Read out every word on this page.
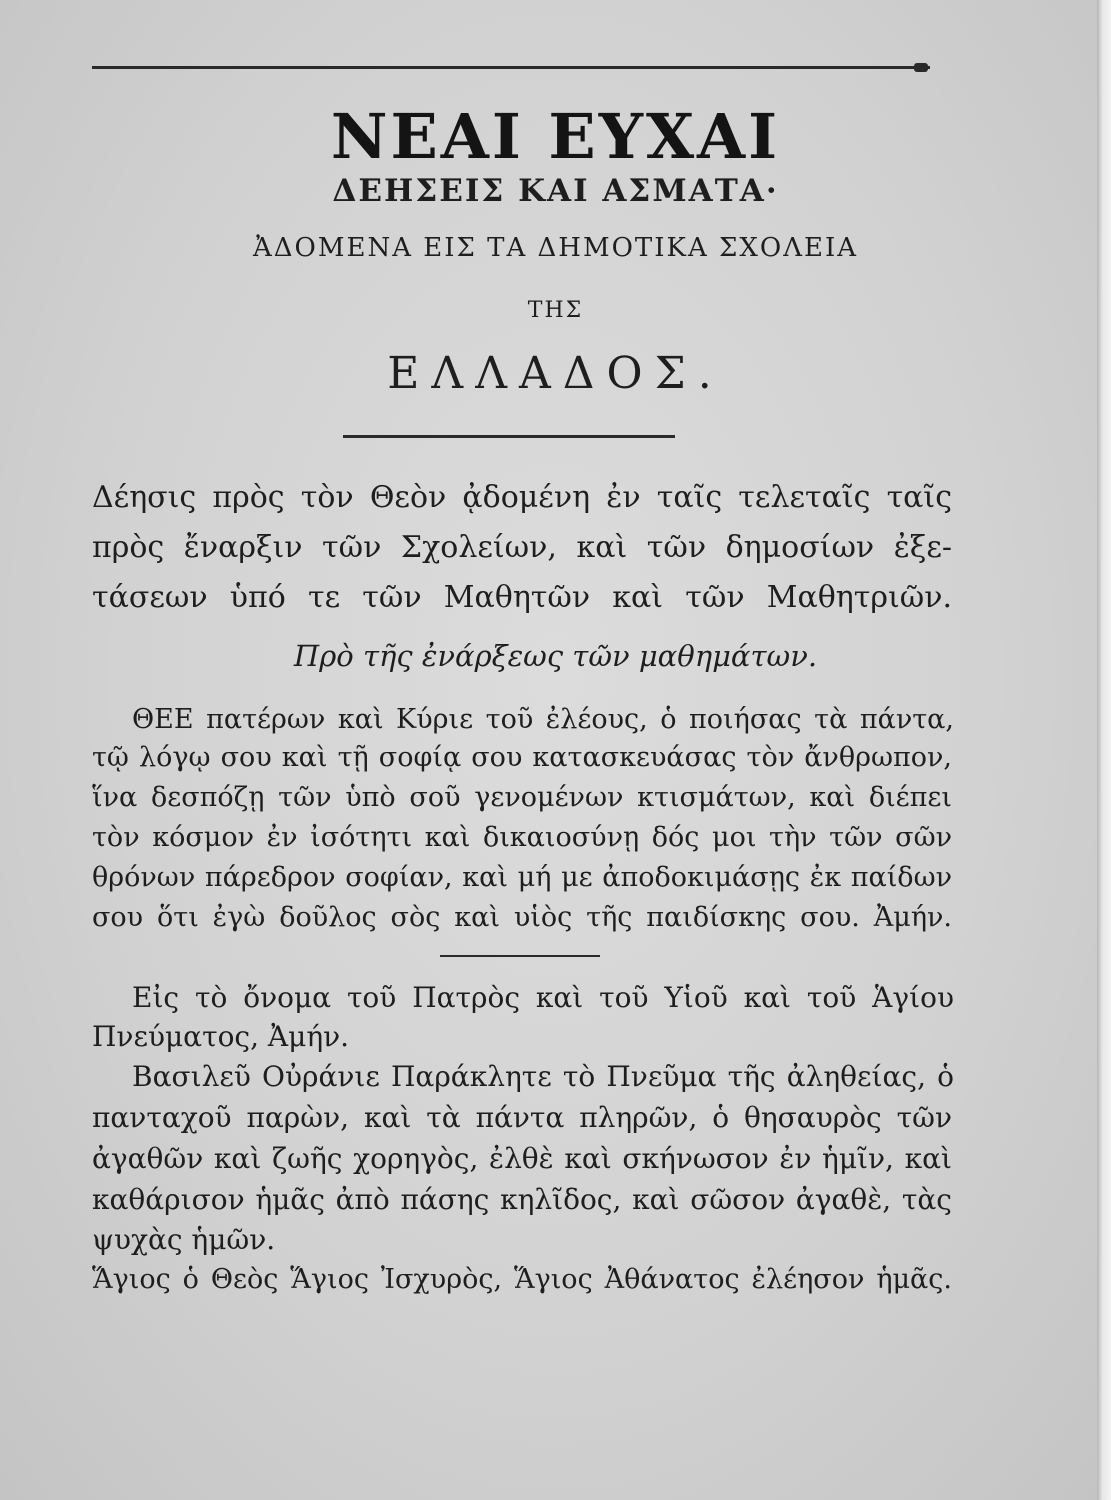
ΝΕΑΙ ΕΥΧΑΙ
ΔΕΗΣΕΙΣ ΚΑΙ ΑΣΜΑΤΑ·
ἈΔΟΜΕΝΑ ΕΙΣ ΤΑ ΔΗΜΟΤΙΚΑ ΣΧΟΛΕΙΑ
ΤΗΣ
ΕΛΛΑΔΟΣ.
Δέησις πρὸς τὸν Θεὸν ᾀδομένη ἐν ταῖς τελεταῖς ταῖς
πρὸς ἔναρξιν τῶν Σχολείων, καὶ τῶν δημοσίων ἐξε-
τάσεων ὑπό τε τῶν Μαθητῶν καὶ τῶν Μαθητριῶν.
Πρὸ τῆς ἐνάρξεως τῶν μαθημάτων.
ΘΕΕ πατέρων καὶ Κύριε τοῦ ἐλέους, ὁ ποιήσας τὰ πάντα,
τῷ λόγῳ σου καὶ τῇ σοφίᾳ σου κατασκευάσας τὸν ἄνθρωπον,
ἵνα δεσπόζῃ τῶν ὑπὸ σοῦ γενομένων κτισμάτων, καὶ διέπει
τὸν κόσμον ἐν ἰσότητι καὶ δικαιοσύνῃ δός μοι τὴν τῶν σῶν
θρόνων πάρεδρον σοφίαν, καὶ μή με ἀποδοκιμάσῃς ἐκ παίδων
σου ὅτι ἐγὼ δοῦλος σὸς καὶ υἱὸς τῆς παιδίσκης σου. Ἀμήν.
Εἰς τὸ ὄνομα τοῦ Πατρὸς καὶ τοῦ Υἱοῦ καὶ τοῦ Ἁγίου
Πνεύματος, Ἀμήν.
Βασιλεῦ Οὐράνιε Παράκλητε τὸ Πνεῦμα τῆς ἀληθείας, ὁ
πανταχοῦ παρὼν, καὶ τὰ πάντα πληρῶν, ὁ θησαυρὸς τῶν
ἀγαθῶν καὶ ζωῆς χορηγὸς, ἐλθὲ καὶ σκήνωσον ἐν ἡμῖν, καὶ
καθάρισον ἡμᾶς ἀπὸ πάσης κηλῖδος, καὶ σῶσον ἀγαθὲ, τὰς
ψυχὰς ἡμῶν.
Ἅγιος ὁ Θεὸς Ἅγιος Ἰσχυρὸς, Ἅγιος Ἀθάνατος ἐλέησον ἡμᾶς.
